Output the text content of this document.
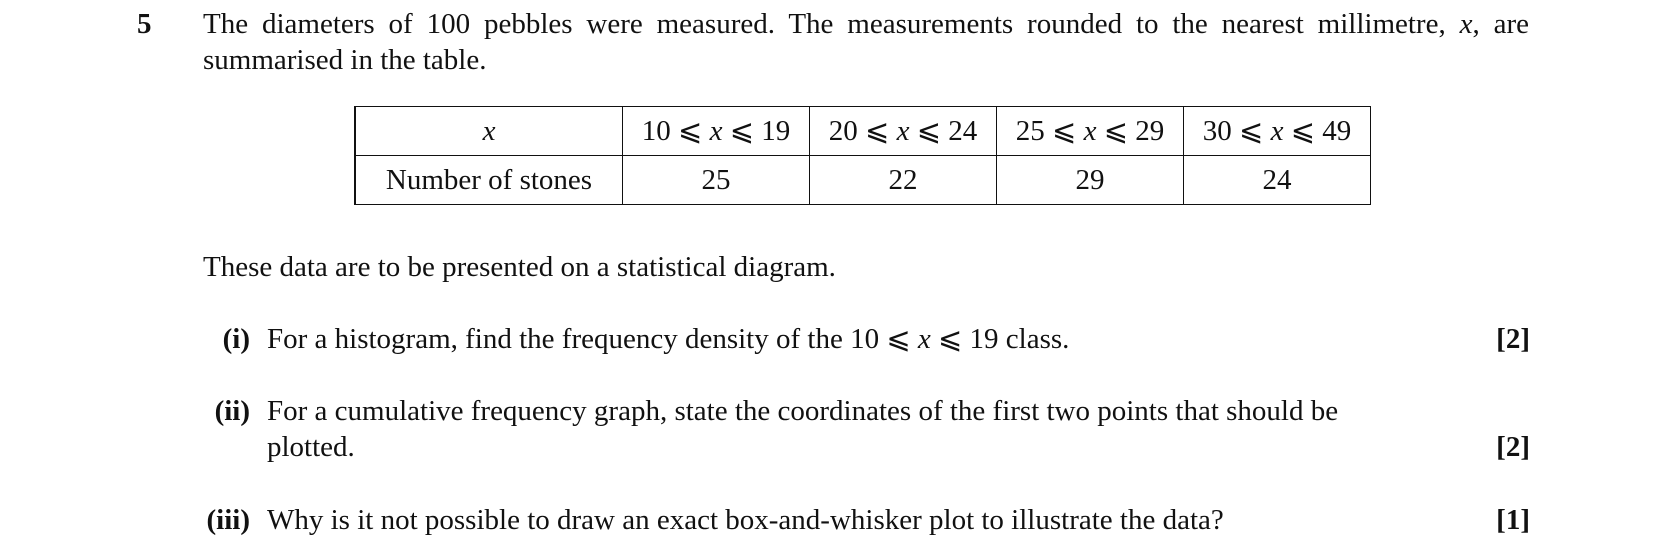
5 The diameters of 100 pebbles were measured. The measurements rounded to the nearest millimetre, x, are summarised in the table.
x	10 ⩽ x ⩽ 19	20 ⩽ x ⩽ 24	25 ⩽ x ⩽ 29	30 ⩽ x ⩽ 49
Number of stones	25	22	29	24
These data are to be presented on a statistical diagram.
(i) For a histogram, find the frequency density of the 10 ⩽ x ⩽ 19 class.	[2]
(ii) For a cumulative frequency graph, state the coordinates of the first two points that should be
plotted.	[2]
(iii) Why is it not possible to draw an exact box-and-whisker plot to illustrate the data?	[1]
